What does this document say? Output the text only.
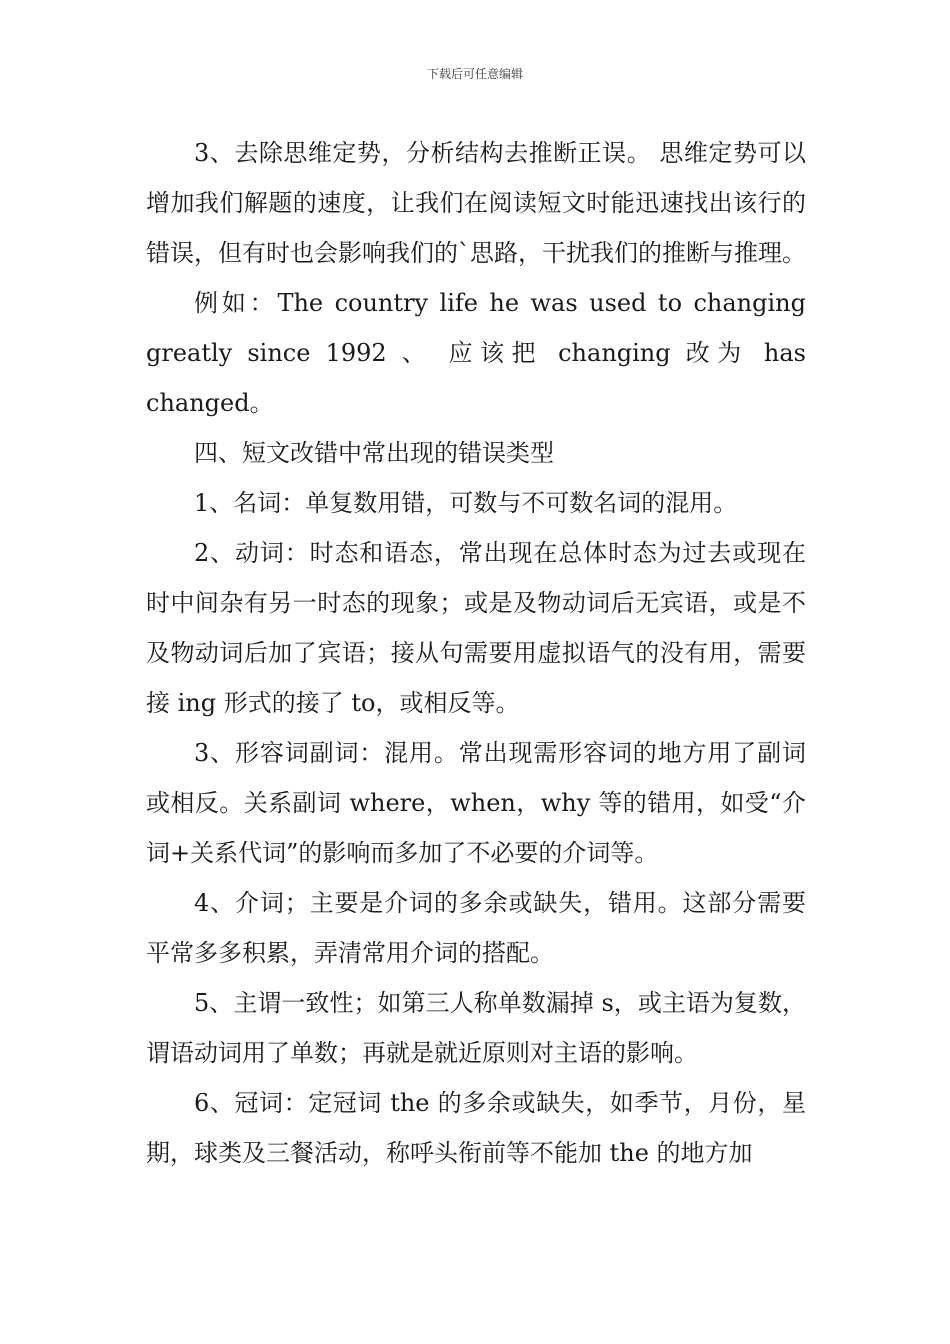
下载后可任意编辑

3、去除思维定势，分析结构去推断正误。 思维定势可以增加我们解题的速度，让我们在阅读短文时能迅速找出该行的错误，但有时也会影响我们的`思路，干扰我们的推断与推理。

例如：The country life he was used to changing greatly since 1992 、 应该把 changing 改为 has changed。

四、短文改错中常出现的错误类型

1、名词：单复数用错，可数与不可数名词的混用。

2、动词：时态和语态，常出现在总体时态为过去或现在时中间杂有另一时态的现象；或是及物动词后无宾语，或是不及物动词后加了宾语；接从句需要用虚拟语气的没有用，需要接 ing 形式的接了 to，或相反等。

3、形容词副词：混用。常出现需形容词的地方用了副词或相反。关系副词 where，when，why 等的错用，如受“介词+关系代词”的影响而多加了不必要的介词等。

4、介词；主要是介词的多余或缺失，错用。这部分需要平常多多积累，弄清常用介词的搭配。

5、主谓一致性；如第三人称单数漏掉 s，或主语为复数，谓语动词用了单数；再就是就近原则对主语的影响。

6、冠词：定冠词 the 的多余或缺失，如季节，月份，星期，球类及三餐活动，称呼头衔前等不能加 the 的地方加
